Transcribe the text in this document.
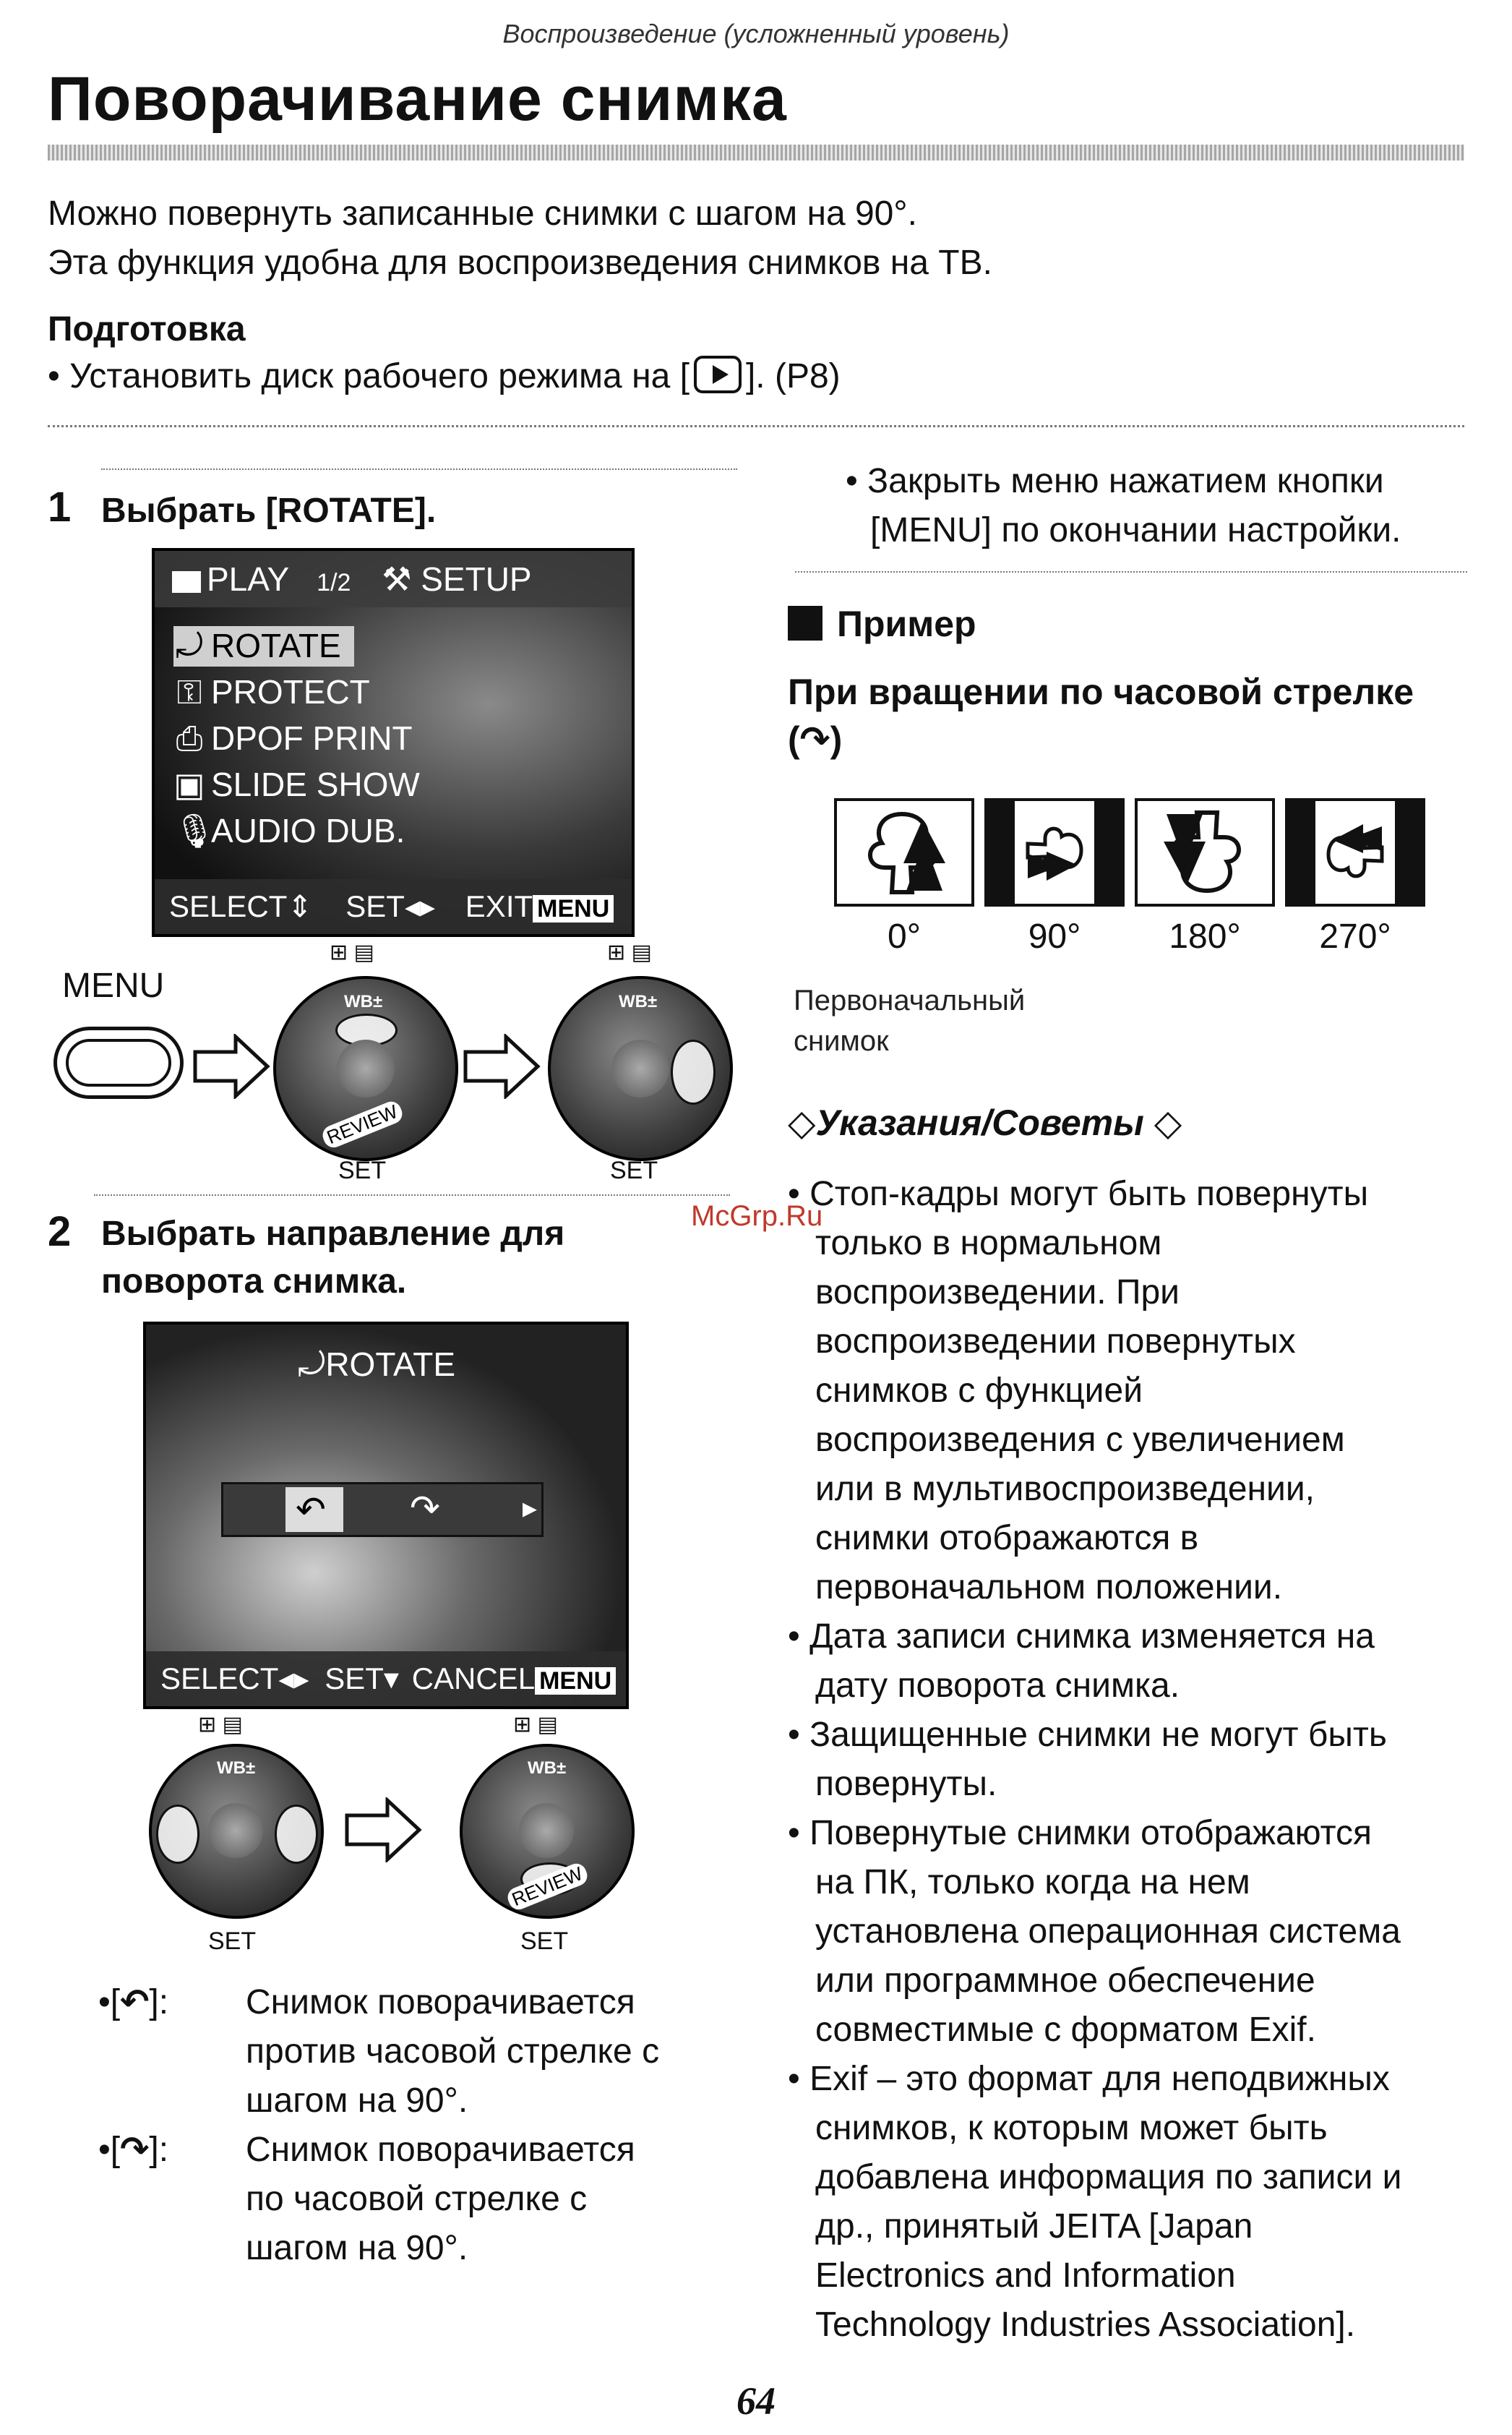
Воспроизведение (усложненный уровень)
Поворачивание снимка
Можно повернуть записанные снимки с шагом на 90°.
Эта функция удобна для воспроизведения снимков на ТВ.
Подготовка
• Установить диск рабочего режима на [ ]. (P8)
1 Выбрать [ROTATE].
PLAY 1/2 ⚒ SETUP
⤾ ROTATE
⚿ PROTECT
⎙ DPOF PRINT
▣ SLIDE SHOW
🎙AUDIO DUB.
SELECT⇕ SET◂▸ EXIT MENU
MENU
⊞ ▤
WB±
REVIEW
SET
⊞ ▤
WB±
SET
2 Выбрать направление для
поворота снимка.
⤾ROTATE
↶ ↷	▸
SELECT◂▸ SET▾ CANCEL MENU
⊞ ▤
WB±
SET
⊞ ▤
WB±
REVIEW
SET
•[↶]: Снимок поворачивается
против часовой стрелке с
шагом на 90°.
•[↷]: Снимок поворачивается
по часовой стрелке с
шагом на 90°.
• Закрыть меню нажатием кнопки
[MENU] по окончании настройки.
Пример
При вращении по часовой стрелке
(↷)
0°	90°	180°	270°
Первоначальный
снимок
◇Указания/Советы ◇
• Стоп-кадры могут быть повернуты
только в нормальном
воспроизведении. При
воспроизведении повернутых
снимков с функцией
воспроизведения с увеличением
или в мультивоспроизведении,
снимки отображаются в
первоначальном положении.
• Дата записи снимка изменяется на
дату поворота снимка.
• Защищенные снимки не могут быть
повернуты.
• Повернутые снимки отображаются
на ПК, только когда на нем
установлена операционная система
или программное обеспечение
совместимые с форматом Exif.
• Exif – это формат для неподвижных
снимков, к которым может быть
добавлена информация по записи и
др., принятый JEITA [Japan
Electronics and Information
Technology Industries Association].
McGrp.Ru
64
